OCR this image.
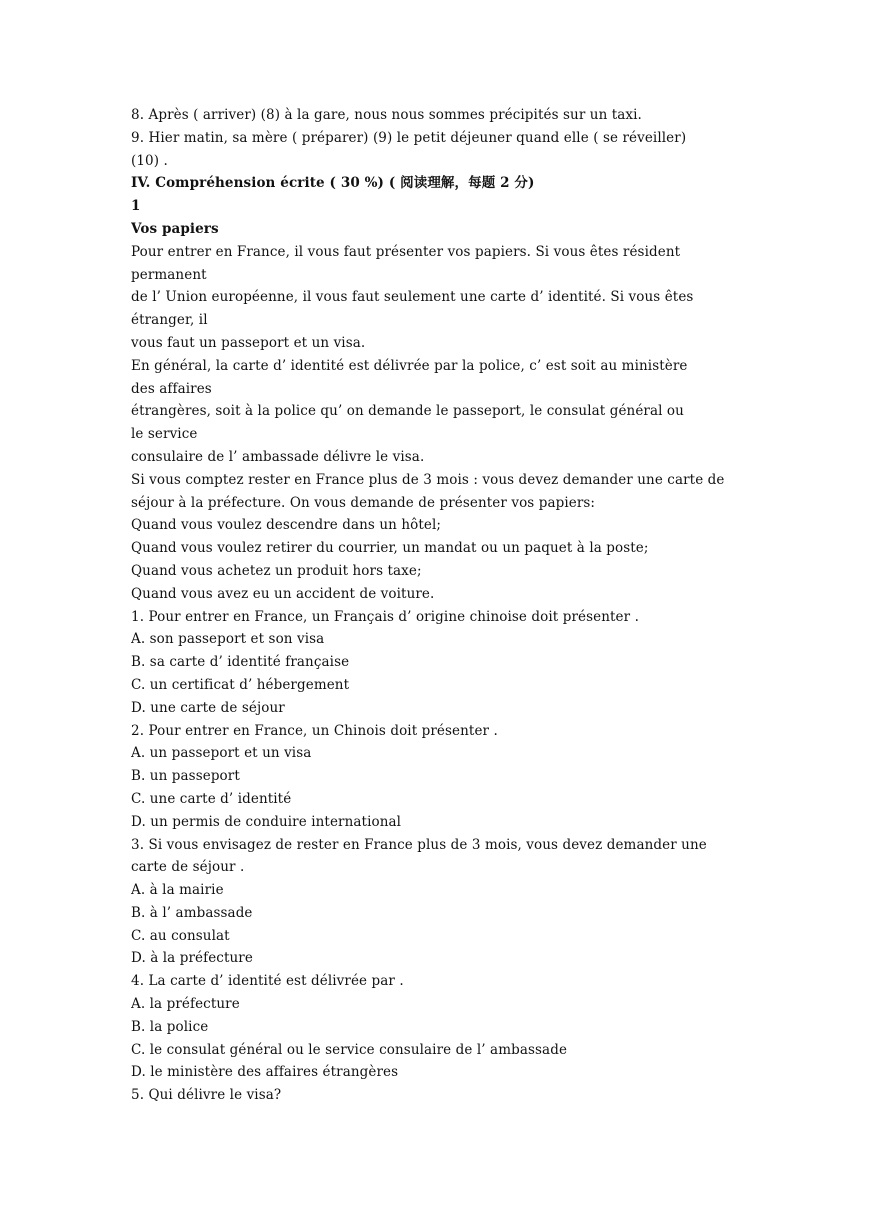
8. Après ( arriver) (8) à la gare, nous nous sommes précipités sur un taxi.
9. Hier matin, sa mère ( préparer) (9) le petit déjeuner quand elle ( se réveiller)
(10) .
IV. Compréhension écrite ( 30 %) ( 阅读理解，每题 2 分)
1
Vos papiers
Pour entrer en France, il vous faut présenter vos papiers. Si vous êtes résident
permanent
de l’ Union européenne, il vous faut seulement une carte d’ identité. Si vous êtes
étranger, il
vous faut un passeport et un visa.
En général, la carte d’ identité est délivrée par la police, c’ est soit au ministère
des affaires
étrangères, soit à la police qu’ on demande le passeport, le consulat général ou
le service
consulaire de l’ ambassade délivre le visa.
Si vous comptez rester en France plus de 3 mois : vous devez demander une carte de
séjour à la préfecture. On vous demande de présenter vos papiers:
Quand vous voulez descendre dans un hôtel;
Quand vous voulez retirer du courrier, un mandat ou un paquet à la poste;
Quand vous achetez un produit hors taxe;
Quand vous avez eu un accident de voiture.
1. Pour entrer en France, un Français d’ origine chinoise doit présenter .
A. son passeport et son visa
B. sa carte d’ identité française
C. un certificat d’ hébergement
D. une carte de séjour
2. Pour entrer en France, un Chinois doit présenter .
A. un passeport et un visa
B. un passeport
C. une carte d’ identité
D. un permis de conduire international
3. Si vous envisagez de rester en France plus de 3 mois, vous devez demander une
carte de séjour .
A. à la mairie
B. à l’ ambassade
C. au consulat
D. à la préfecture
4. La carte d’ identité est délivrée par .
A. la préfecture
B. la police
C. le consulat général ou le service consulaire de l’ ambassade
D. le ministère des affaires étrangères
5. Qui délivre le visa?
